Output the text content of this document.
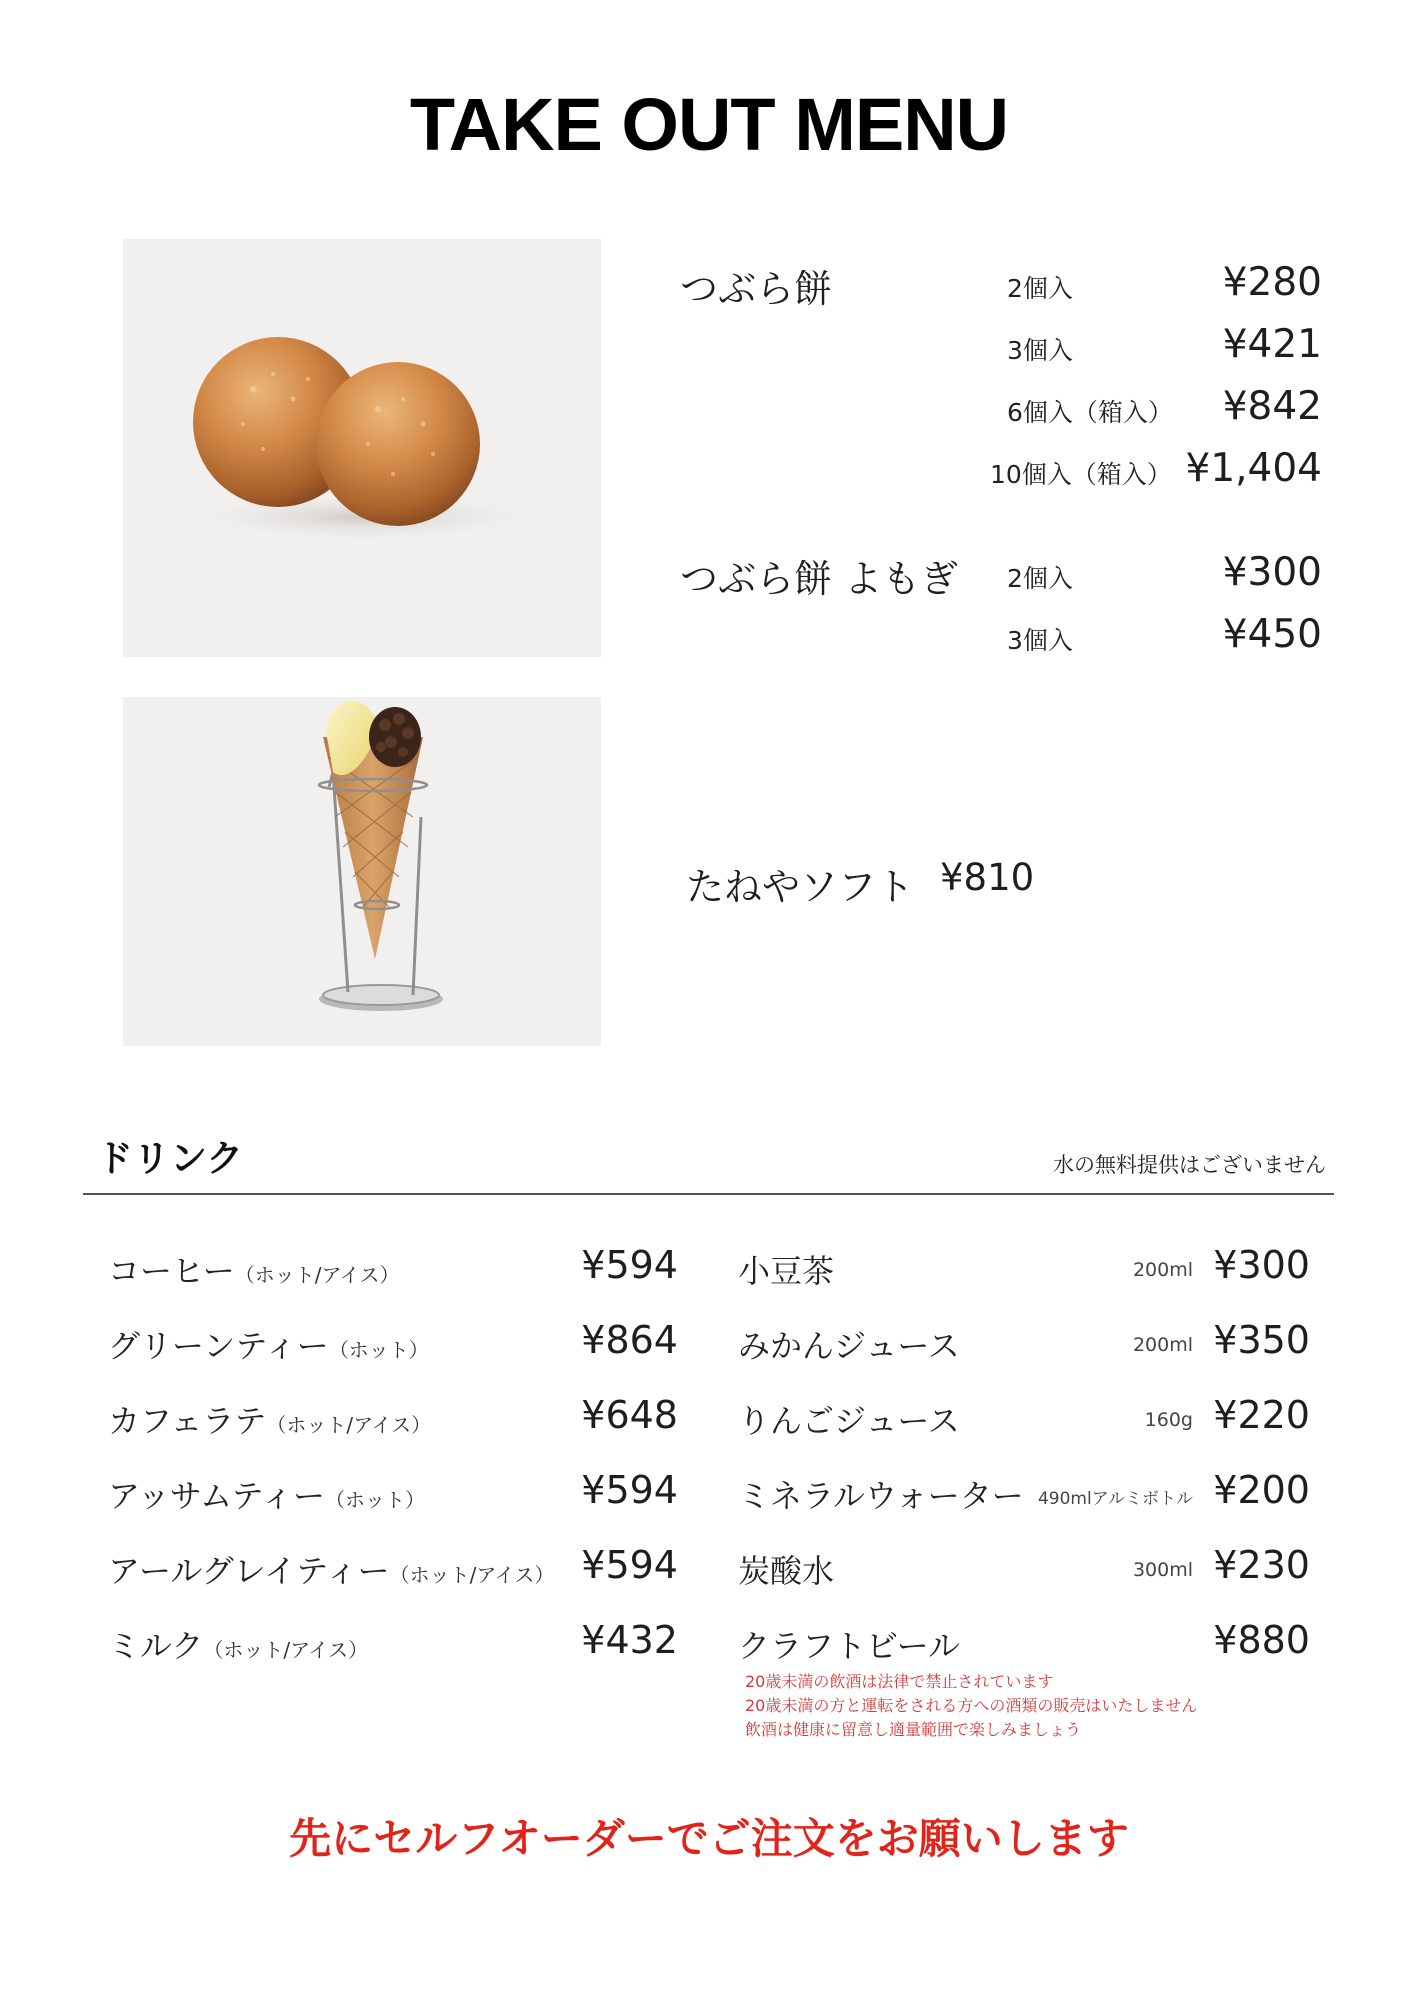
TAKE OUT MENU
つぶら餅	2個入	¥280
3個入	¥421
6個入（箱入） ¥842
10個入（箱入） ¥1,404
つぶら餅 よもぎ 2個入	¥300
3個入	¥450
たねやソフト ¥810
ドリンク	水の無料提供はございません
コーヒー（ホット/アイス）	¥594
グリーンティー（ホット）	¥864
カフェラテ（ホット/アイス）	¥648
アッサムティー（ホット）	¥594
アールグレイティー（ホット/アイス） ¥594
ミルク（ホット/アイス）	¥432
小豆茶	200ml ¥300
みかんジュース	200ml ¥350
りんごジュース	160g ¥220
ミネラルウォーター 490mlアルミボトル ¥200
炭酸水	300ml ¥230
クラフトビール	¥880
20歳未満の飲酒は法律で禁止されています
20歳未満の方と運転をされる方への酒類の販売はいたしません
飲酒は健康に留意し適量範囲で楽しみましょう
先にセルフオーダーでご注文をお願いします
